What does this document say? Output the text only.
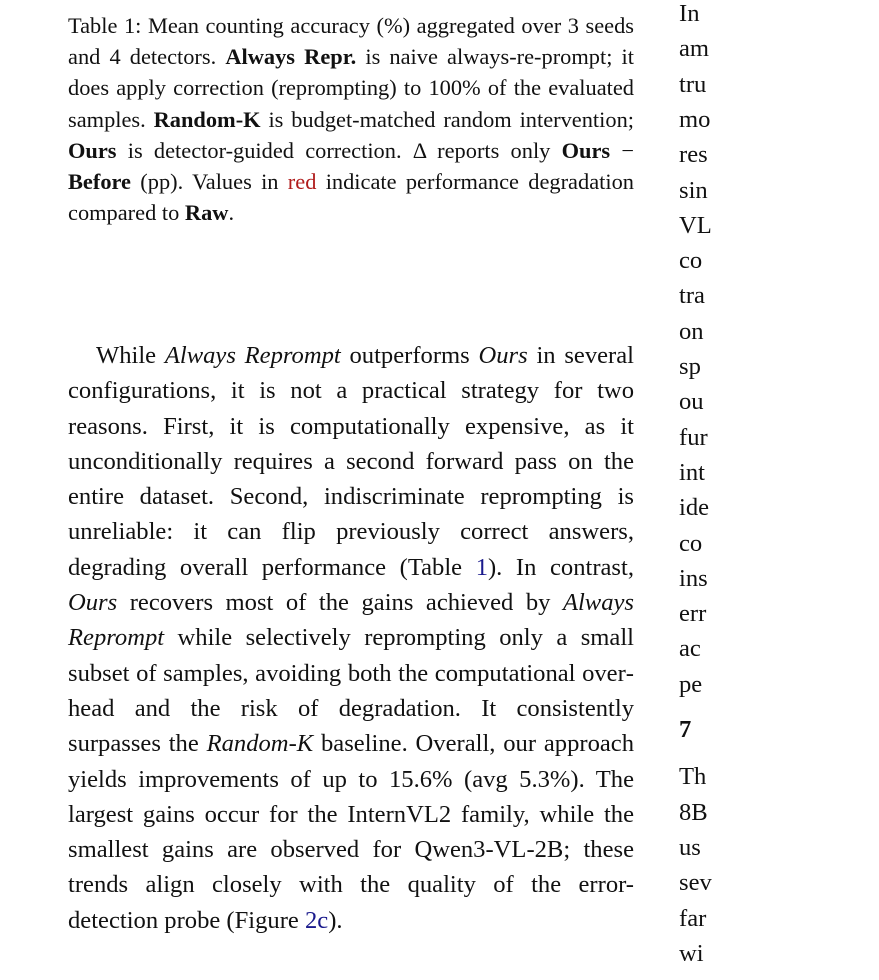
Table 1: Mean counting accuracy (%) aggregated over 3 seeds and 4 detectors. Always Repr. is naive always-re-prompt; it does apply correction (reprompting) to 100% of the evaluated samples. Random-K is budget-matched random intervention; Ours is detector-guided correction. Δ reports only Ours − Before (pp). Values in red indicate performance degradation compared to Raw.
While Always Reprompt outperforms Ours in several configurations, it is not a practical strategy for two reasons. First, it is computationally expensive, as it unconditionally requires a second forward pass on the entire dataset. Second, indiscriminate reprompting is unreliable: it can flip previously correct answers, degrading overall performance (Table 1). In contrast, Ours recovers most of the gains achieved by Always Reprompt while selectively reprompting only a small subset of samples, avoiding both the computational overhead and the risk of degradation. It consistently surpasses the Random-K baseline. Overall, our approach yields improvements of up to 15.6% (avg 5.3%). The largest gains occur for the InternVL2 family, while the smallest gains are observed for Qwen3-VL-2B; these trends align closely with the quality of the error-detection probe (Figure 2c).
In
am
tru
mo
res
sin
VL
co
tra
on
sp
ou
fur
int
ide
co
ins
err
ac
pe
7
Th
8B
us
sev
far
wi
